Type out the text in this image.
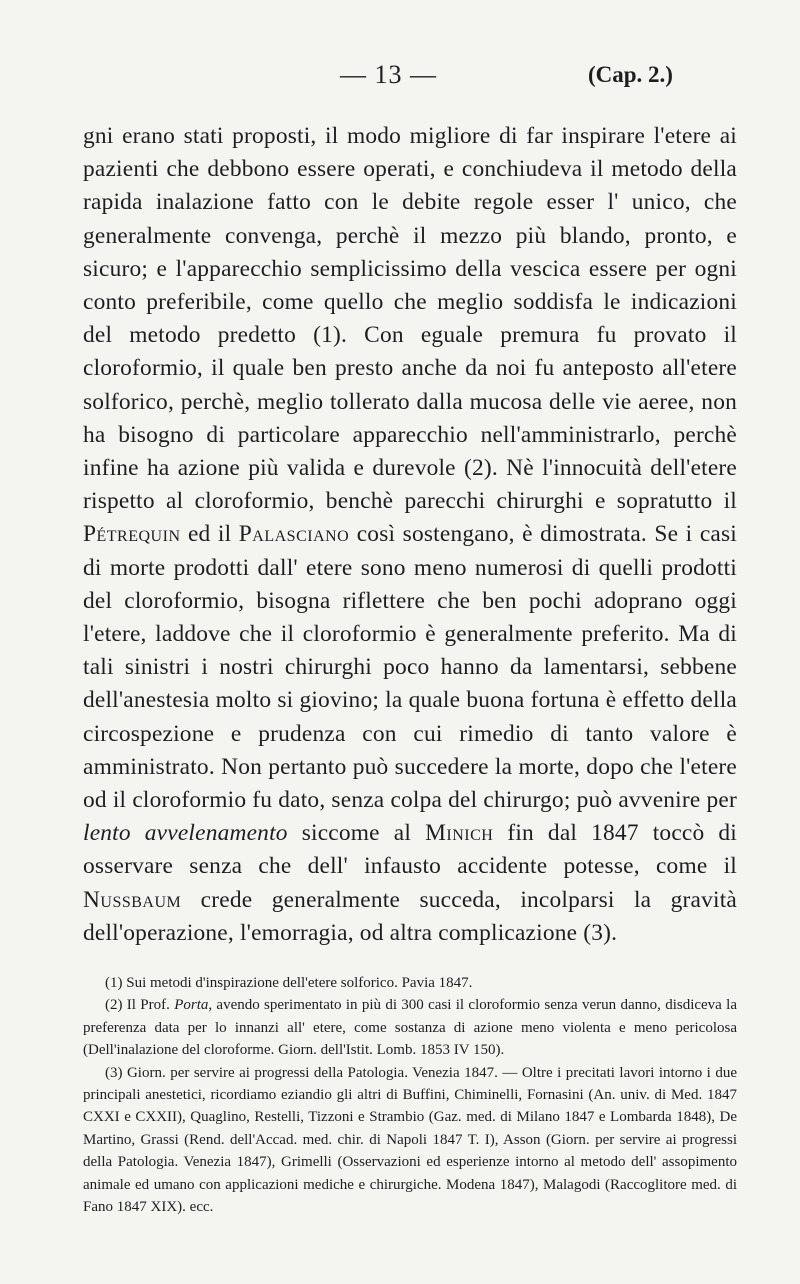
— 13 —	(Cap. 2.)

gni erano stati proposti, il modo migliore di far inspirare l'etere ai pazienti che debbono essere operati, e conchiudeva il metodo della rapida inalazione fatto con le debite regole esser l' unico, che generalmente convenga, perchè il mezzo più blando, pronto, e sicuro; e l'apparecchio semplicissimo della vescica essere per ogni conto preferibile, come quello che meglio soddisfa le indicazioni del metodo predetto (1). Con eguale premura fu provato il cloroformio, il quale ben presto anche da noi fu anteposto all'etere solforico, perchè, meglio tollerato dalla mucosa delle vie aeree, non ha bisogno di particolare apparecchio nell'amministrarlo, perchè infine ha azione più valida e durevole (2). Nè l'innocuità dell'etere rispetto al cloroformio, benchè parecchi chirurghi e sopratutto il Pétrequin ed il Palasciano così sostengano, è dimostrata. Se i casi di morte prodotti dall' etere sono meno numerosi di quelli prodotti del cloroformio, bisogna riflettere che ben pochi adoprano oggi l'etere, laddove che il cloroformio è generalmente preferito. Ma di tali sinistri i nostri chirurghi poco hanno da lamentarsi, sebbene dell'anestesia molto si giovino; la quale buona fortuna è effetto della circospezione e prudenza con cui rimedio di tanto valore è amministrato. Non pertanto può succedere la morte, dopo che l'etere od il cloroformio fu dato, senza colpa del chirurgo; può avvenire per lento avvelenamento siccome al Minich fin dal 1847 toccò di osservare senza che dell' infausto accidente potesse, come il Nussbaum crede generalmente succeda, incolparsi la gravità dell'operazione, l'emorragia, od altra complicazione (3).

(1) Sui metodi d'inspirazione dell'etere solforico. Pavia 1847.

(2) Il Prof. Porta, avendo sperimentato in più di 300 casi il cloroformio senza verun danno, disdiceva la preferenza data per lo innanzi all' etere, come sostanza di azione meno violenta e meno pericolosa (Dell'inalazione del cloroforme. Giorn. dell'Istit. Lomb. 1853 IV 150).

(3) Giorn. per servire ai progressi della Patologia. Venezia 1847. — Oltre i precitati lavori intorno i due principali anestetici, ricordiamo eziandio gli altri di Buffini, Chiminelli, Fornasini (An. univ. di Med. 1847 CXXI e CXXII), Quaglino, Restelli, Tizzoni e Strambio (Gaz. med. di Milano 1847 e Lombarda 1848), De Martino, Grassi (Rend. dell'Accad. med. chir. di Napoli 1847 T. I), Asson (Giorn. per servire ai progressi della Patologia. Venezia 1847), Grimelli (Osservazioni ed esperienze intorno al metodo dell' assopimento animale ed umano con applicazioni mediche e chirurgiche. Modena 1847), Malagodi (Raccoglitore med. di Fano 1847 XIX). ecc.
